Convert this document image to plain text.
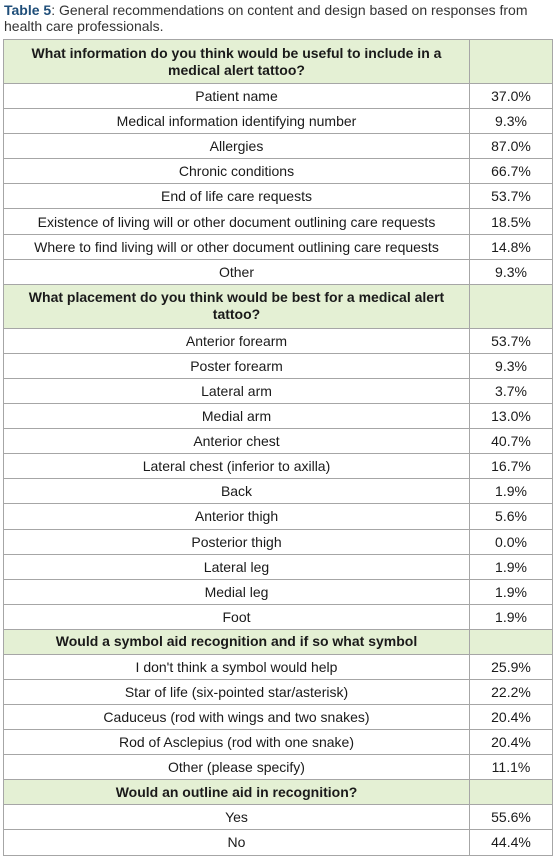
Table 5: General recommendations on content and design based on responses from health care professionals.
What information do you think would be useful to include in a medical alert tattoo?	
Patient name	37.0%
Medical information identifying number	9.3%
Allergies	87.0%
Chronic conditions	66.7%
End of life care requests	53.7%
Existence of living will or other document outlining care requests	18.5%
Where to find living will or other document outlining care requests	14.8%
Other	9.3%
What placement do you think would be best for a medical alert tattoo?	
Anterior forearm	53.7%
Poster forearm	9.3%
Lateral arm	3.7%
Medial arm	13.0%
Anterior chest	40.7%
Lateral chest (inferior to axilla)	16.7%
Back	1.9%
Anterior thigh	5.6%
Posterior thigh	0.0%
Lateral leg	1.9%
Medial leg	1.9%
Foot	1.9%
Would a symbol aid recognition and if so what symbol	
I don't think a symbol would help	25.9%
Star of life (six-pointed star/asterisk)	22.2%
Caduceus (rod with wings and two snakes)	20.4%
Rod of Asclepius (rod with one snake)	20.4%
Other (please specify)	11.1%
Would an outline aid in recognition?	
Yes	55.6%
No	44.4%
